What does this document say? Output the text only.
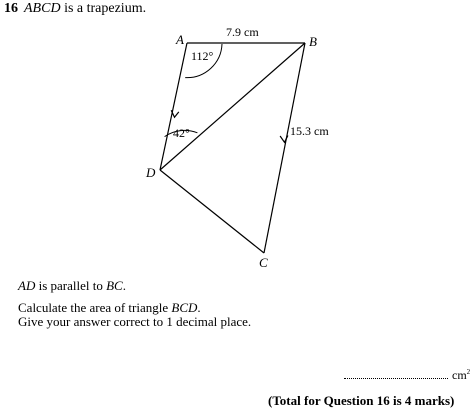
16 ABCD is a trapezium.
A	B
C
D
7.9 cm
15.3 cm
112°
42°
AD is parallel to BC.
Calculate the area of triangle BCD.
Give your answer correct to 1 decimal place.
$cm^2$
(Total for Question 16 is 4 marks)
